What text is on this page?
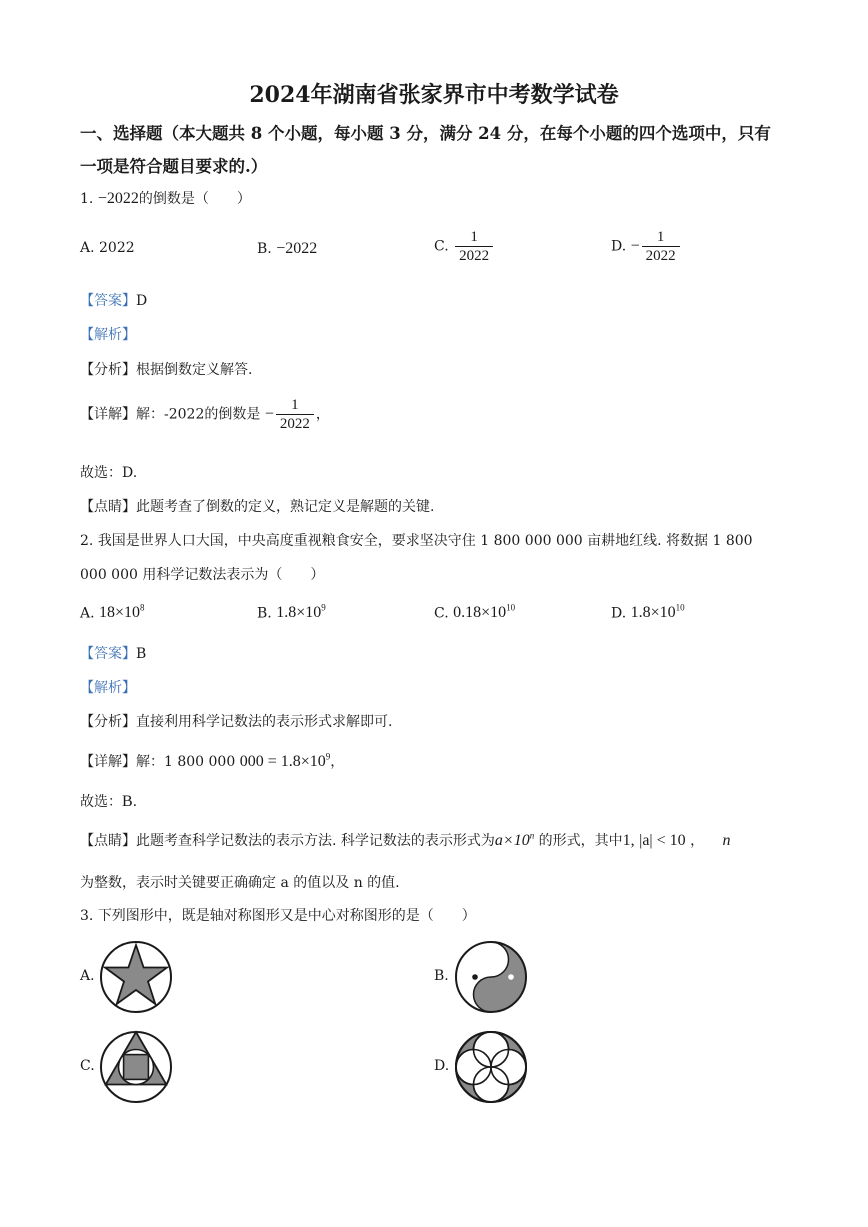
2024年湖南省张家界市中考数学试卷
一、选择题（本大题共 8 个小题，每小题 3 分，满分 24 分，在每个小题的四个选项中，只有
一项是符合题目要求的.）
1. −2022的倒数是（　　）
A. 2022	B. −2022	C. $\frac{1}{2022}$	D. − $\frac{1}{2022}$
【答案】D
【解析】
【分析】根据倒数定义解答.
【详解】解：-2022的倒数是 − $\frac{1}{2022}$ ，
故选：D.
【点睛】此题考查了倒数的定义，熟记定义是解题的关键.
2. 我国是世界人口大国，中央高度重视粮食安全，要求坚决守住 1 800 000 000 亩耕地红线. 将数据 1 800
000 000 用科学记数法表示为（　　）
A. $18\times 10^8$	B. $1.8\times 10^9$	C. $0.18\times 10^{10}$	D. $1.8\times 10^{10}$
【答案】B
【解析】
【分析】直接利用科学记数法的表示形式求解即可.
【详解】解：1 800 000 $000 = 1.8\times 10^9$，
故选：B.
【点睛】此题考查科学记数法的表示方法. 科学记数法的表示形式为$a\times 10^n$ 的形式，其中1, |a| < 10 ， n
为整数，表示时关键要正确确定 a 的值以及 n 的值.
3. 下列图形中，既是轴对称图形又是中心对称图形的是（　　）
A.	B.
C.	D.
